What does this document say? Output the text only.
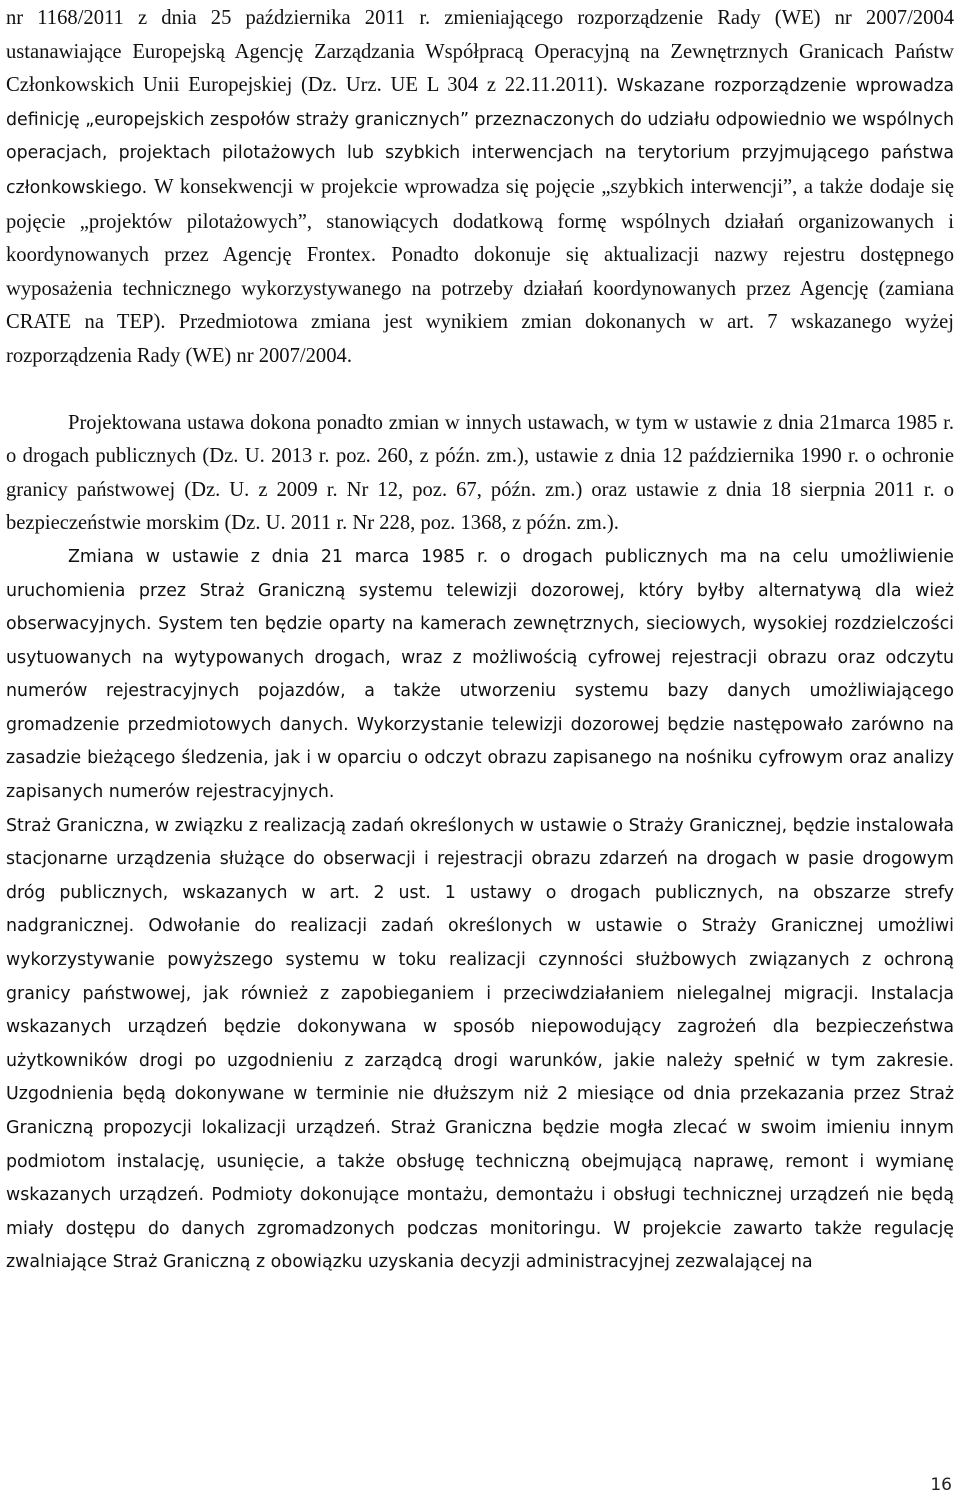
nr 1168/2011 z dnia 25 października 2011 r. zmieniającego rozporządzenie Rady (WE) nr 2007/2004 ustanawiające Europejską Agencję Zarządzania Współpracą Operacyjną na Zewnętrznych Granicach Państw Członkowskich Unii Europejskiej (Dz. Urz. UE L 304 z 22.11.2011). Wskazane rozporządzenie wprowadza definicję „europejskich zespołów straży granicznych” przeznaczonych do udziału odpowiednio we wspólnych operacjach, projektach pilotażowych lub szybkich interwencjach na terytorium przyjmującego państwa członkowskiego. W konsekwencji w projekcie wprowadza się pojęcie „szybkich interwencji”, a także dodaje się pojęcie „projektów pilotażowych”, stanowiących dodatkową formę wspólnych działań organizowanych i koordynowanych przez Agencję Frontex. Ponadto dokonuje się aktualizacji nazwy rejestru dostępnego wyposażenia technicznego wykorzystywanego na potrzeby działań koordynowanych przez Agencję (zamiana CRATE na TEP). Przedmiotowa zmiana jest wynikiem zmian dokonanych w art. 7 wskazanego wyżej rozporządzenia Rady (WE) nr 2007/2004.

Projektowana ustawa dokona ponadto zmian w innych ustawach, w tym w ustawie z dnia 21marca 1985 r. o drogach publicznych (Dz. U. 2013 r. poz. 260, z późn. zm.), ustawie z dnia 12 października 1990 r. o ochronie granicy państwowej (Dz. U. z 2009 r. Nr 12, poz. 67, późn. zm.) oraz ustawie z dnia 18 sierpnia 2011 r. o bezpieczeństwie morskim (Dz. U. 2011 r. Nr 228, poz. 1368, z późn. zm.).

Zmiana w ustawie z dnia 21 marca 1985 r. o drogach publicznych ma na celu umożliwienie uruchomienia przez Straż Graniczną systemu telewizji dozorowej, który byłby alternatywą dla wież obserwacyjnych. System ten będzie oparty na kamerach zewnętrznych, sieciowych, wysokiej rozdzielczości usytuowanych na wytypowanych drogach, wraz z możliwością cyfrowej rejestracji obrazu oraz odczytu numerów rejestracyjnych pojazdów, a także utworzeniu systemu bazy danych umożliwiającego gromadzenie przedmiotowych danych. Wykorzystanie telewizji dozorowej będzie następowało zarówno na zasadzie bieżącego śledzenia, jak i w oparciu o odczyt obrazu zapisanego na nośniku cyfrowym oraz analizy zapisanych numerów rejestracyjnych.

Straż Graniczna, w związku z realizacją zadań określonych w ustawie o Straży Granicznej, będzie instalowała stacjonarne urządzenia służące do obserwacji i rejestracji obrazu zdarzeń na drogach w pasie drogowym dróg publicznych, wskazanych w art. 2 ust. 1 ustawy o drogach publicznych, na obszarze strefy nadgranicznej. Odwołanie do realizacji zadań określonych w ustawie o Straży Granicznej umożliwi wykorzystywanie powyższego systemu w toku realizacji czynności służbowych związanych z ochroną granicy państwowej, jak również z zapobieganiem i przeciwdziałaniem nielegalnej migracji. Instalacja wskazanych urządzeń będzie dokonywana w sposób niepowodujący zagrożeń dla bezpieczeństwa użytkowników drogi po uzgodnieniu z zarządcą drogi warunków, jakie należy spełnić w tym zakresie. Uzgodnienia będą dokonywane w terminie nie dłuższym niż 2 miesiące od dnia przekazania przez Straż Graniczną propozycji lokalizacji urządzeń. Straż Graniczna będzie mogła zlecać w swoim imieniu innym podmiotom instalację, usunięcie, a także obsługę techniczną obejmującą naprawę, remont i wymianę wskazanych urządzeń. Podmioty dokonujące montażu, demontażu i obsługi technicznej urządzeń nie będą miały dostępu do danych zgromadzonych podczas monitoringu. W projekcie zawarto także regulację zwalniające Straż Graniczną z obowiązku uzyskania decyzji administracyjnej zezwalającej na

16
